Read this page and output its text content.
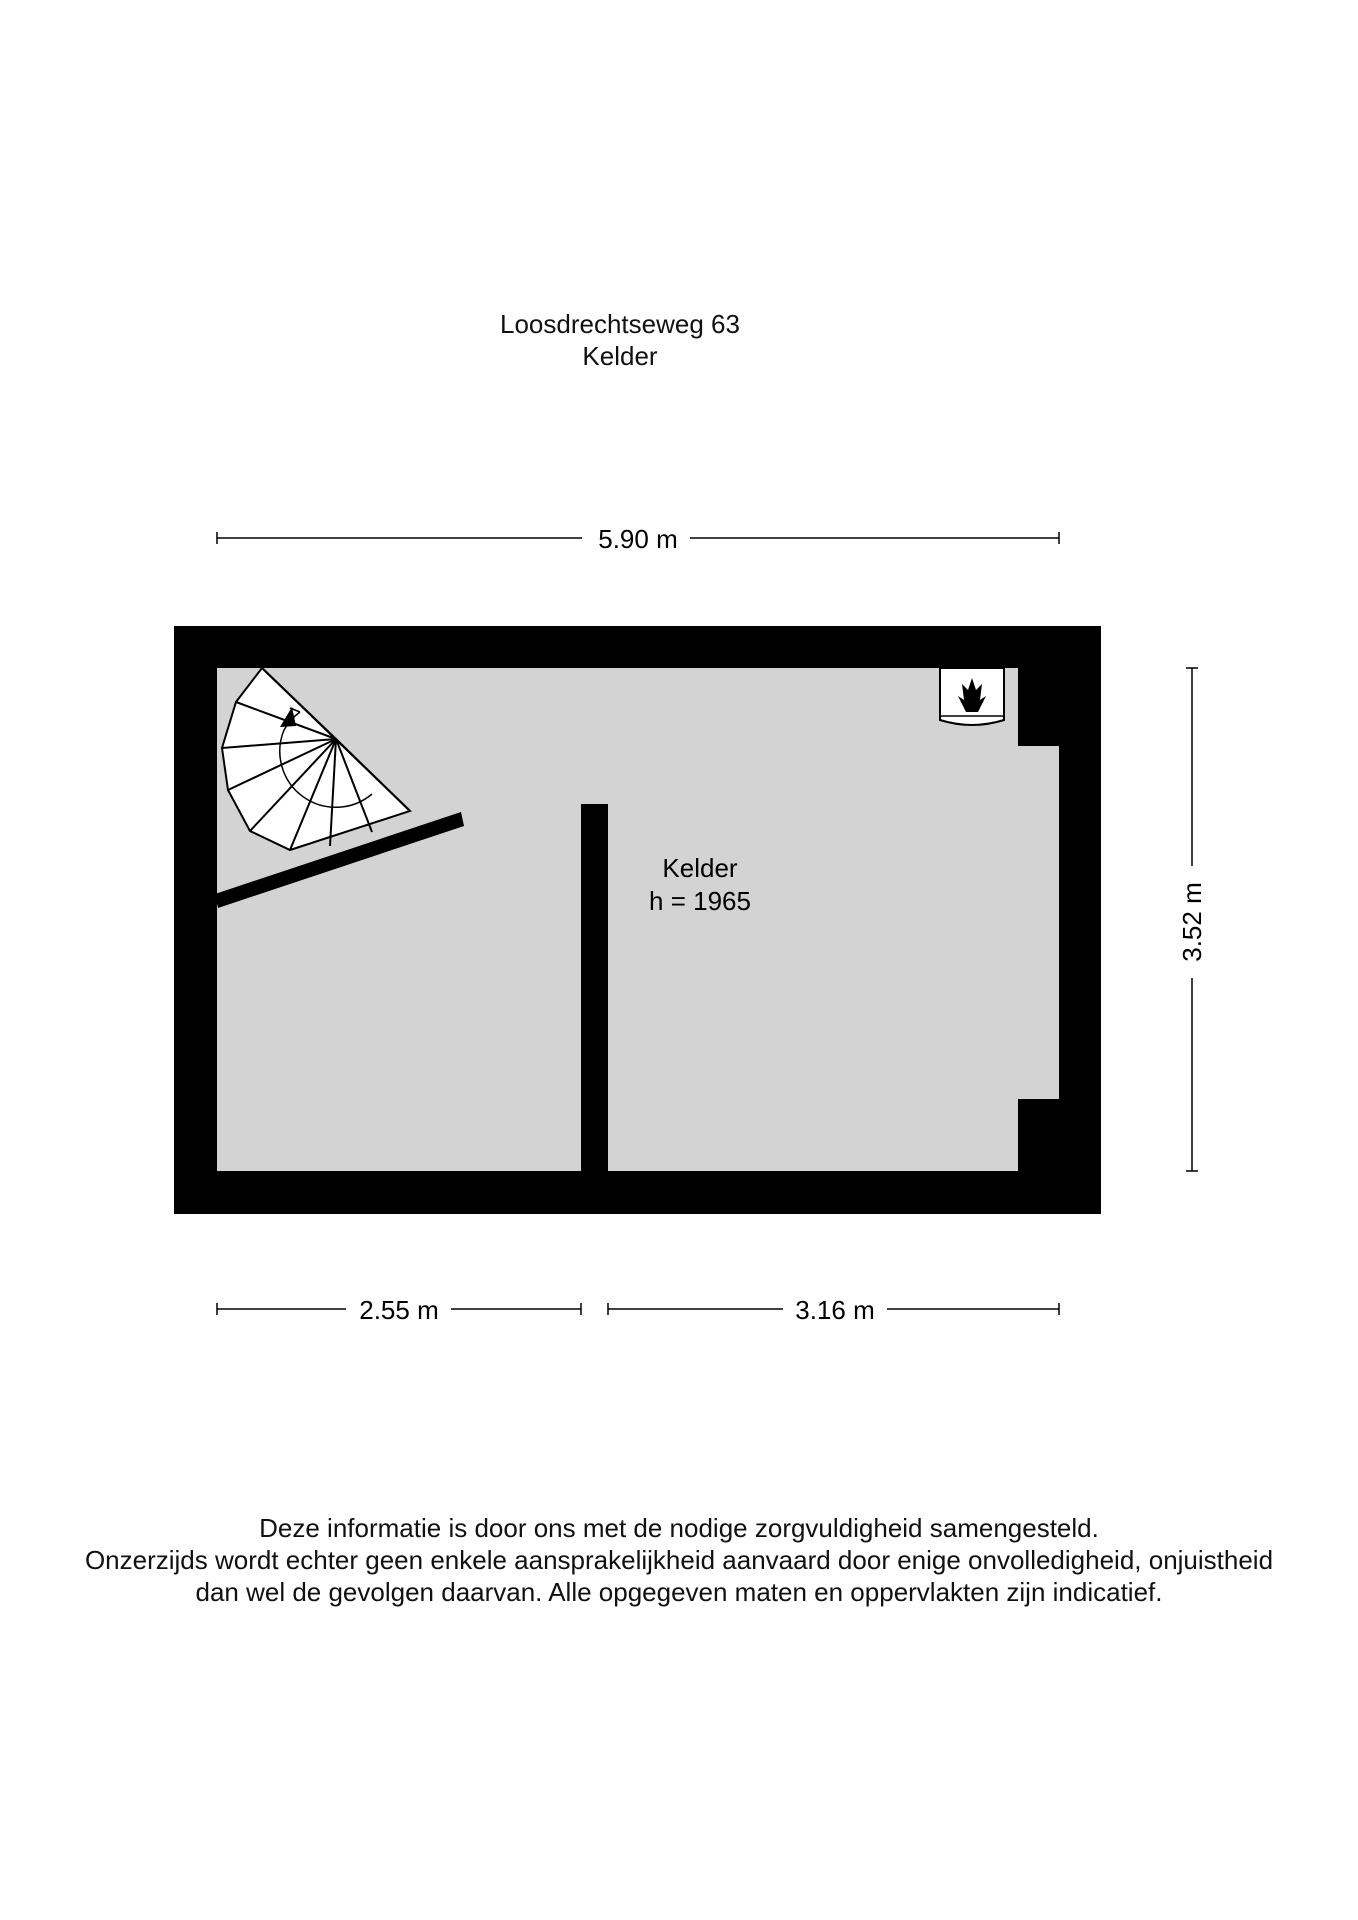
Loosdrechtseweg 63
Kelder
5.90 m
Kelder
h = 1965	3.52 m
2.55 m	3.16 m
Deze informatie is door ons met de nodige zorgvuldigheid samengesteld.
Onzerzijds wordt echter geen enkele aansprakelijkheid aanvaard door enige onvolledigheid, onjuistheid
dan wel de gevolgen daarvan. Alle opgegeven maten en oppervlakten zijn indicatief.
